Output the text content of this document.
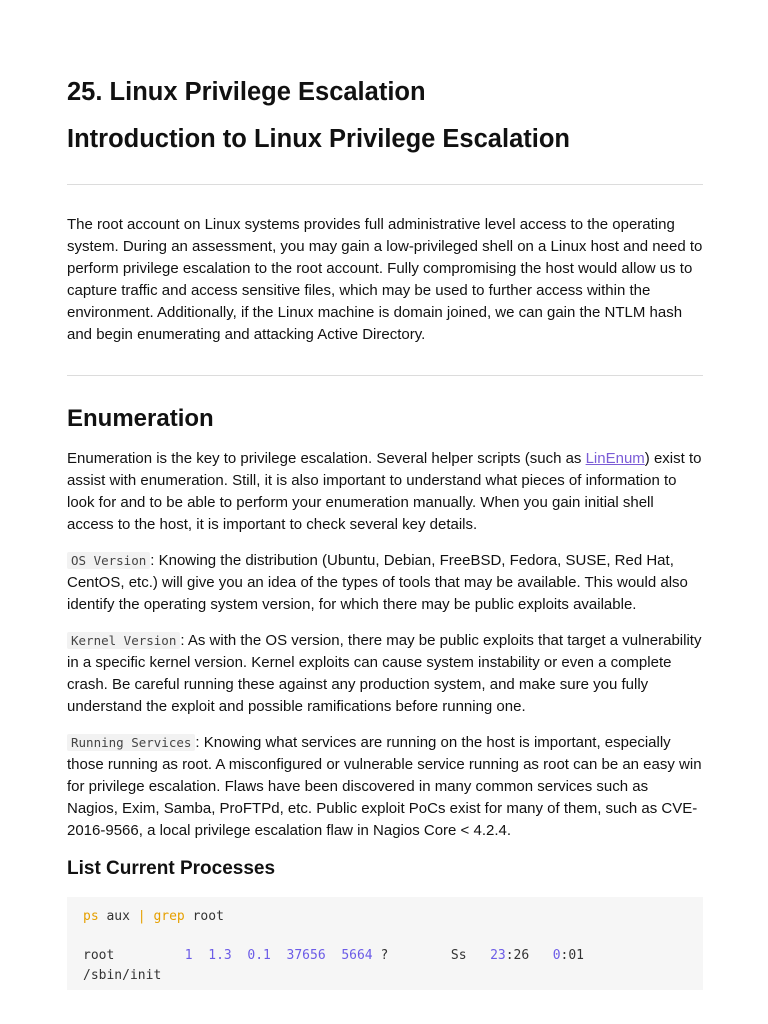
25. Linux Privilege Escalation
Introduction to Linux Privilege Escalation

The root account on Linux systems provides full administrative level access to the operating system. During an assessment, you may gain a low-privileged shell on a Linux host and need to perform privilege escalation to the root account. Fully compromising the host would allow us to capture traffic and access sensitive files, which may be used to further access within the environment. Additionally, if the Linux machine is domain joined, we can gain the NTLM hash and begin enumerating and attacking Active Directory.

Enumeration

Enumeration is the key to privilege escalation. Several helper scripts (such as LinEnum) exist to assist with enumeration. Still, it is also important to understand what pieces of information to look for and to be able to perform your enumeration manually. When you gain initial shell access to the host, it is important to check several key details.

OS Version : Knowing the distribution (Ubuntu, Debian, FreeBSD, Fedora, SUSE, Red Hat, CentOS, etc.) will give you an idea of the types of tools that may be available. This would also identify the operating system version, for which there may be public exploits available.

Kernel Version : As with the OS version, there may be public exploits that target a vulnerability in a specific kernel version. Kernel exploits can cause system instability or even a complete crash. Be careful running these against any production system, and make sure you fully understand the exploit and possible ramifications before running one.

Running Services : Knowing what services are running on the host is important, especially those running as root. A misconfigured or vulnerable service running as root can be an easy win for privilege escalation. Flaws have been discovered in many common services such as Nagios, Exim, Samba, ProFTPd, etc. Public exploit PoCs exist for many of them, such as CVE-2016-9566, a local privilege escalation flaw in Nagios Core < 4.2.4.

List Current Processes
ps aux | grep root

root	1 1.3 0.1 37656 5664 ?	Ss 23:26 0:01
/sbin/init
